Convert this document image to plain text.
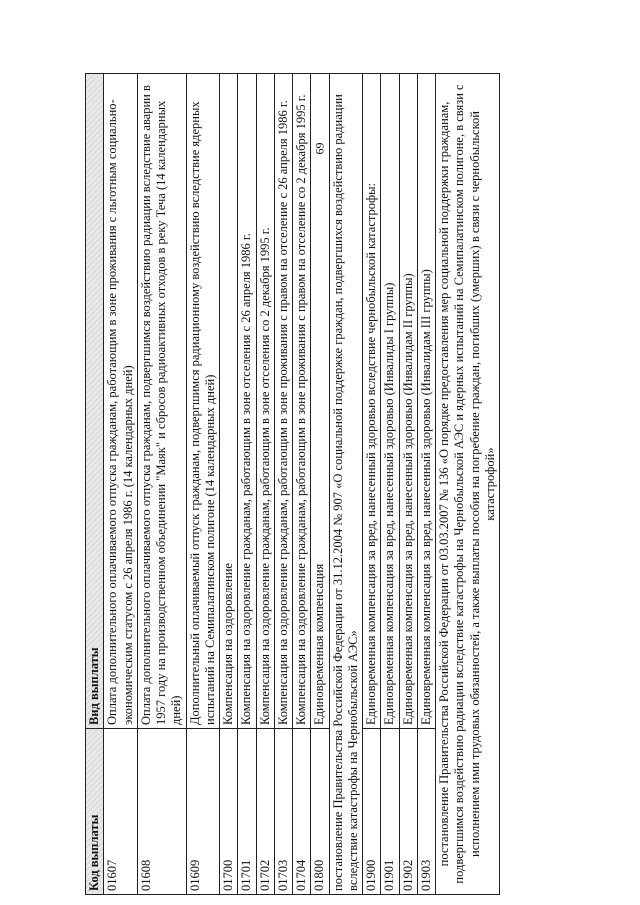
69
Код выплаты	Вид выплаты
01607	Оплата дополнительного оплачиваемого отпуска гражданам, работающим в зоне проживания с льготным социально-экономическим статусом с 26 апреля 1986 г. (14 календарных дней)
01608	Оплата дополнительного оплачиваемого отпуска гражданам, подвергшимся воздействию радиации вследствие аварии в 1957 году на производственном объединении "Маяк" и сбросов радиоактивных отходов в реку Теча (14 календарных дней)
01609	Дополнительный оплачиваемый отпуск гражданам, подвергшимся радиационному воздействию вследствие ядерных испытаний на Семипалатинском полигоне (14 календарных дней)
01700	Компенсация на оздоровление
01701	Компенсация на оздоровление гражданам, работающим в зоне отселения с 26 апреля 1986 г.
01702	Компенсация на оздоровление гражданам, работающим в зоне отселения со 2 декабря 1995 г.
01703	Компенсация на оздоровление гражданам, работающим в зоне проживания с правом на отселение с 26 апреля 1986 г.
01704	Компенсация на оздоровление гражданам, работающим в зоне проживания с правом на отселение со 2 декабря 1995 г.
01800	Единовременная компенсация
постановление Правительства Российской Федерации от 31.12.2004 № 907 «О социальной поддержке граждан, подвергшихся воздействию радиации вследствие катастрофы на Чернобыльской АЭС»	
01900	Единовременная компенсация за вред, нанесенный здоровью вследствие чернобыльской катастрофы:
01901	Единовременная компенсация за вред, нанесенный здоровью (Инвалиды I группы)
01902	Единовременная компенсация за вред, нанесенный здоровью (Инвалидам II группы)
01903	Единовременная компенсация за вред, нанесенный здоровью (Инвалидам III группы)
постановление Правительства Российской Федерации от 03.03.2007 № 136 «О порядке предоставления мер социальной поддержки гражданам, подвергшимся воздействию радиации вследствие катастрофы на Чернобыльской АЭС и ядерных испытаний на Семипалатинском полигоне, в связи с исполнением ими трудовых обязанностей, а также выплаты пособия на погребение граждан, погибших (умерших) в связи с чернобыльской катастрофой»	
